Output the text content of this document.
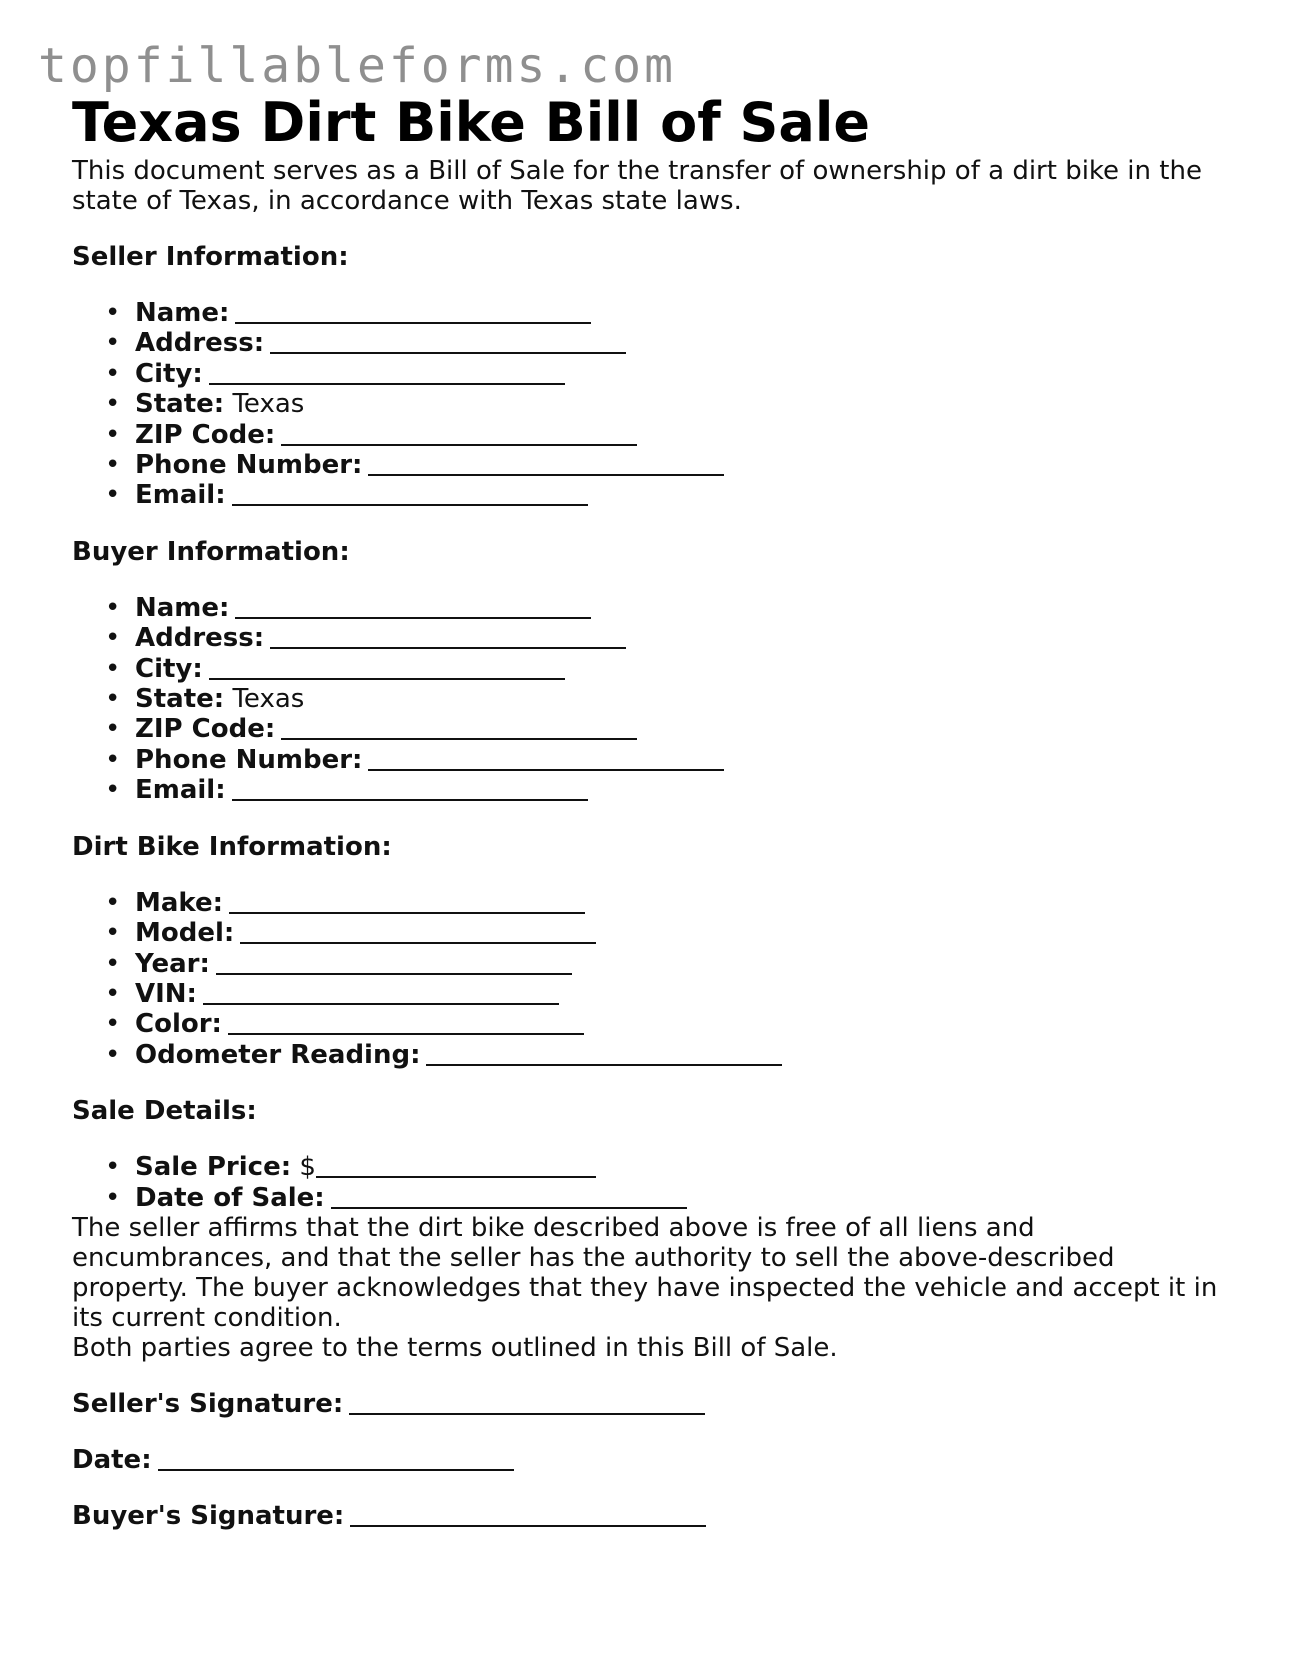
topfillableforms.com
Texas Dirt Bike Bill of Sale

This document serves as a Bill of Sale for the transfer of ownership of a dirt bike in the state of Texas, in accordance with Texas state laws.

Seller Information:
• Name:
• Address:
• City:
• State: Texas
• ZIP Code:
• Phone Number:
• Email:
Buyer Information:
• Name:
• Address:
• City:
• State: Texas
• ZIP Code:
• Phone Number:
• Email:
Dirt Bike Information:
• Make:
• Model:
• Year:
• VIN:
• Color:
• Odometer Reading:
Sale Details:
• Sale Price: $
• Date of Sale:

The seller affirms that the dirt bike described above is free of all liens and encumbrances, and that the seller has the authority to sell the above-described property. The buyer acknowledges that they have inspected the vehicle and accept it in its current condition.

Both parties agree to the terms outlined in this Bill of Sale.

Seller's Signature:

Date:

Buyer's Signature:
